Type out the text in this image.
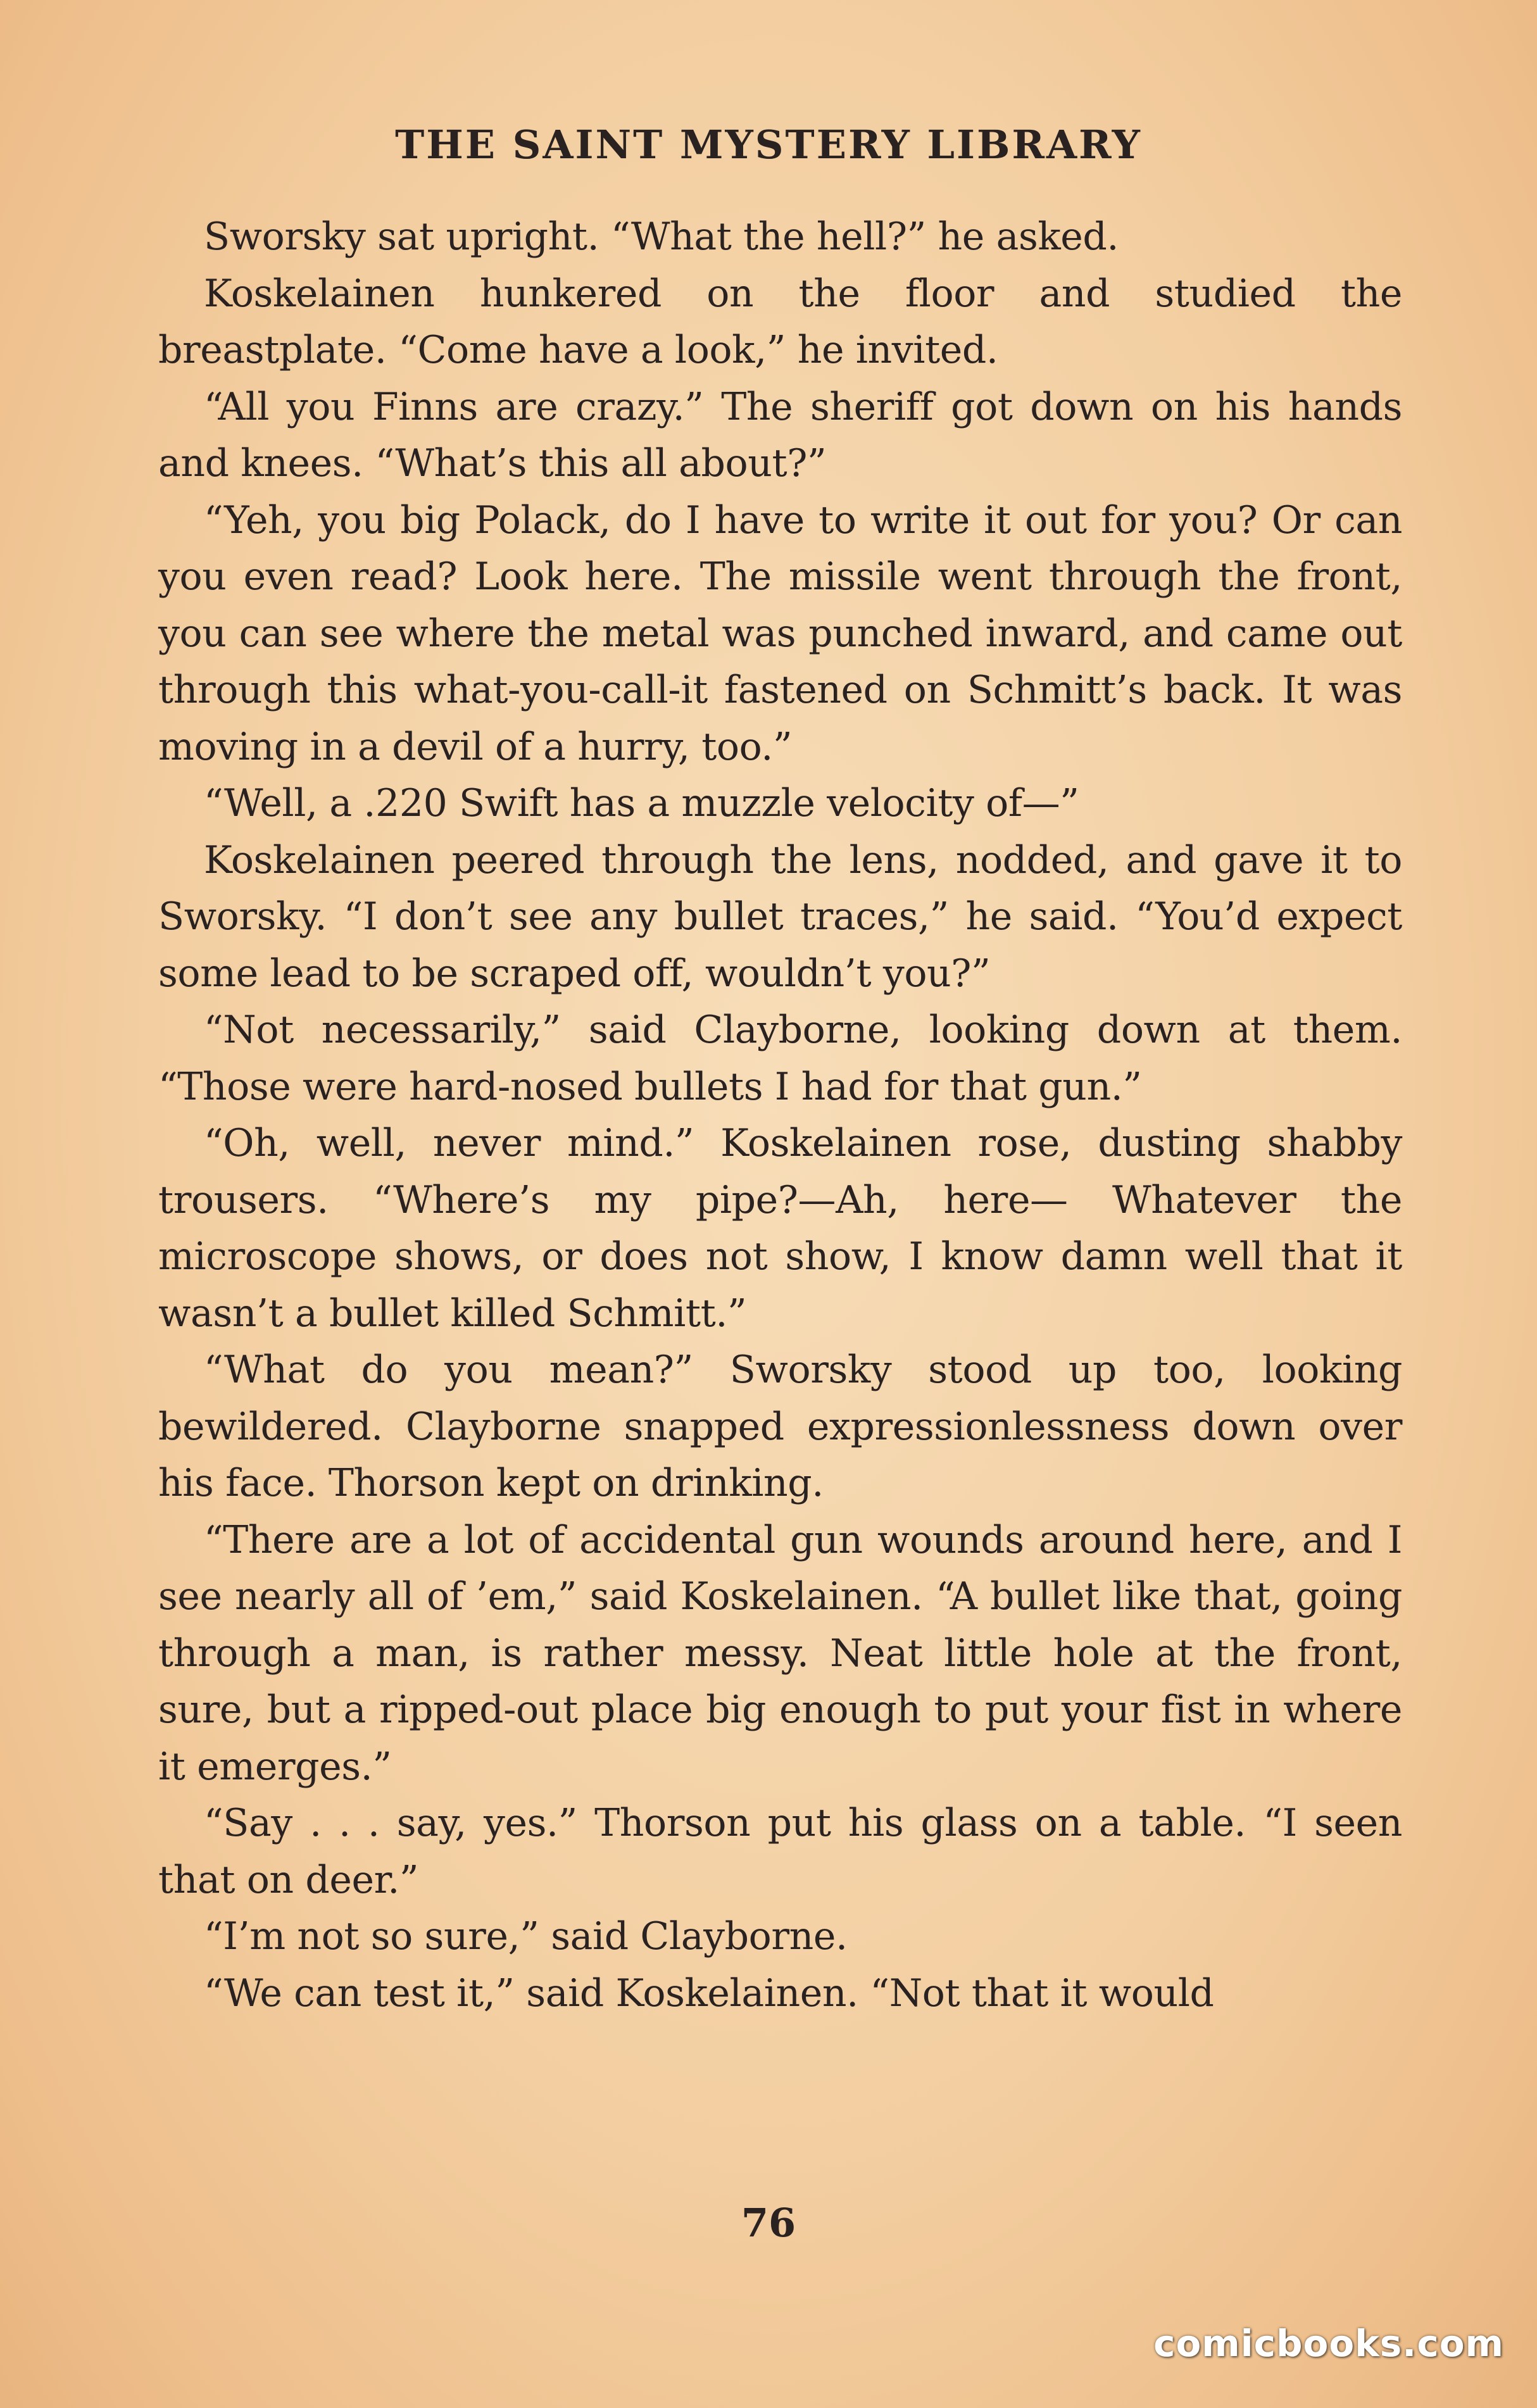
THE SAINT MYSTERY LIBRARY

Sworsky sat upright. “What the hell?” he asked.

Koskelainen hunkered on the floor and studied the breastplate. “Come have a look,” he invited.

“All you Finns are crazy.” The sheriff got down on his hands and knees. “What’s this all about?”

“Yeh, you big Polack, do I have to write it out for you? Or can you even read? Look here. The missile went through the front, you can see where the metal was punched inward, and came out through this what-you-call-it fastened on Schmitt’s back. It was moving in a devil of a hurry, too.”

“Well, a .220 Swift has a muzzle velocity of—”

Koskelainen peered through the lens, nodded, and gave it to Sworsky. “I don’t see any bullet traces,” he said. “You’d expect some lead to be scraped off, wouldn’t you?”

“Not necessarily,” said Clayborne, looking down at them. “Those were hard-nosed bullets I had for that gun.”

“Oh, well, never mind.” Koskelainen rose, dusting shabby trousers. “Where’s my pipe?—Ah, here— Whatever the microscope shows, or does not show, I know damn well that it wasn’t a bullet killed Schmitt.”

“What do you mean?” Sworsky stood up too, looking bewildered. Clayborne snapped expressionlessness down over his face. Thorson kept on drinking.

“There are a lot of accidental gun wounds around here, and I see nearly all of ’em,” said Koskelainen. “A bullet like that, going through a man, is rather messy. Neat little hole at the front, sure, but a ripped-out place big enough to put your fist in where it emerges.”

“Say . . . say, yes.” Thorson put his glass on a table. “I seen that on deer.”

“I’m not so sure,” said Clayborne.

“We can test it,” said Koskelainen. “Not that it would

76
comicbooks.com
